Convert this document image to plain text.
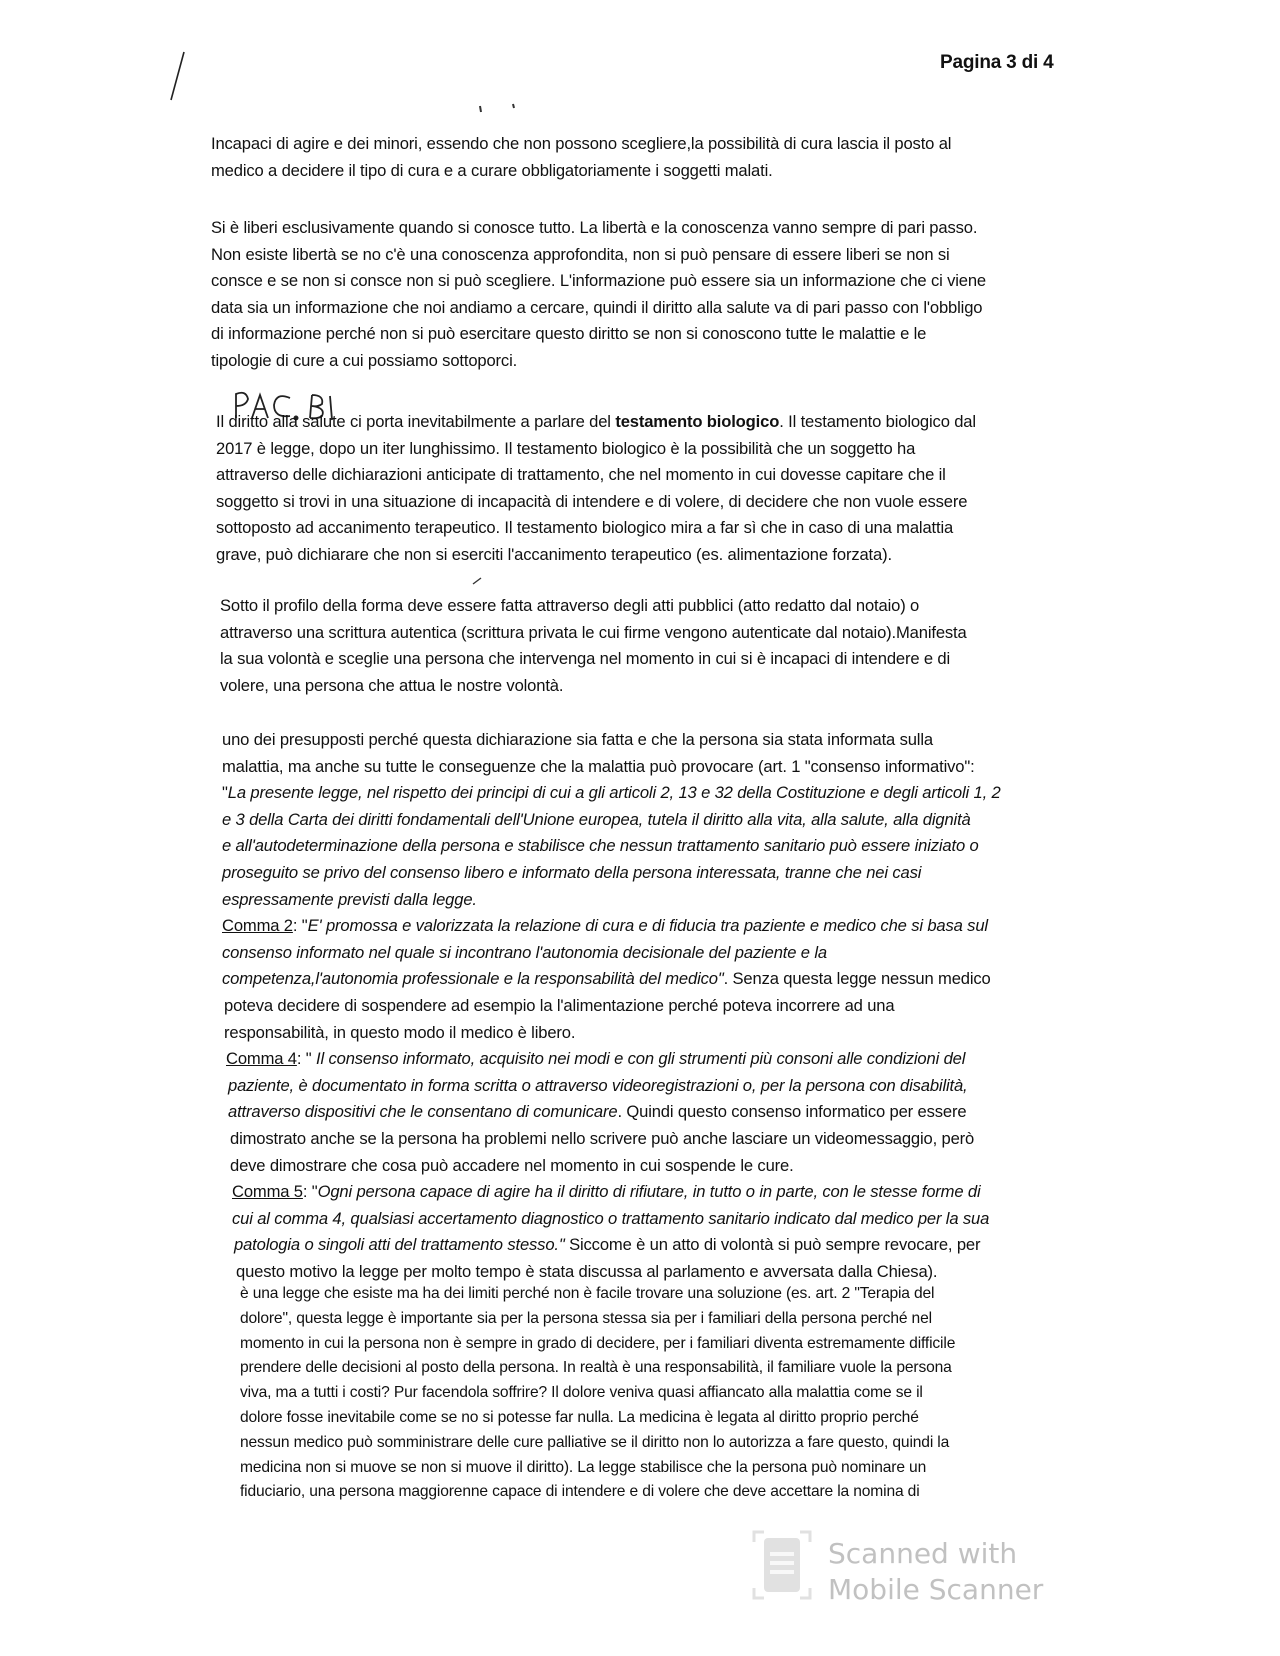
Pagina 3 di 4
Incapaci di agire e dei minori, essendo che non possono scegliere,la possibilità di cura lascia il posto al
medico a decidere il tipo di cura e a curare obbligatoriamente i soggetti malati.
Si è liberi esclusivamente quando si conosce tutto. La libertà e la conoscenza vanno sempre di pari passo.
Non esiste libertà se no c'è una conoscenza approfondita, non si può pensare di essere liberi se non si
consce e se non si consce non si può scegliere. L'informazione può essere sia un informazione che ci viene
data sia un informazione che noi andiamo a cercare, quindi il diritto alla salute va di pari passo con l'obbligo
di informazione perché non si può esercitare questo diritto se non si conoscono tutte le malattie e le
tipologie di cure a cui possiamo sottoporci.
Il diritto alla salute ci porta inevitabilmente a parlare del testamento biologico. Il testamento biologico dal
2017 è legge, dopo un iter lunghissimo. Il testamento biologico è la possibilità che un soggetto ha
attraverso delle dichiarazioni anticipate di trattamento, che nel momento in cui dovesse capitare che il
soggetto si trovi in una situazione di incapacità di intendere e di volere, di decidere che non vuole essere
sottoposto ad accanimento terapeutico. Il testamento biologico mira a far sì che in caso di una malattia
grave, può dichiarare che non si eserciti l'accanimento terapeutico (es. alimentazione forzata).
Sotto il profilo della forma deve essere fatta attraverso degli atti pubblici (atto redatto dal notaio) o
attraverso una scrittura autentica (scrittura privata le cui firme vengono autenticate dal notaio).Manifesta
la sua volontà e sceglie una persona che intervenga nel momento in cui si è incapaci di intendere e di
volere, una persona che attua le nostre volontà.
uno dei presupposti perché questa dichiarazione sia fatta e che la persona sia stata informata sulla
malattia, ma anche su tutte le conseguenze che la malattia può provocare (art. 1 "consenso informativo":
"La presente legge, nel rispetto dei principi di cui a gli articoli 2, 13 e 32 della Costituzione e degli articoli 1, 2
e 3 della Carta dei diritti fondamentali dell'Unione europea, tutela il diritto alla vita, alla salute, alla dignità
e all'autodeterminazione della persona e stabilisce che nessun trattamento sanitario può essere iniziato o
proseguito se privo del consenso libero e informato della persona interessata, tranne che nei casi
espressamente previsti dalla legge.
Comma 2: "E' promossa e valorizzata la relazione di cura e di fiducia tra paziente e medico che si basa sul
consenso informato nel quale si incontrano l'autonomia decisionale del paziente e la
competenza,l'autonomia professionale e la responsabilità del medico". Senza questa legge nessun medico
poteva decidere di sospendere ad esempio la l'alimentazione perché poteva incorrere ad una
responsabilità, in questo modo il medico è libero.
Comma 4: " Il consenso informato, acquisito nei modi e con gli strumenti più consoni alle condizioni del
paziente, è documentato in forma scritta o attraverso videoregistrazioni o, per la persona con disabilità,
attraverso dispositivi che le consentano di comunicare. Quindi questo consenso informatico per essere
dimostrato anche se la persona ha problemi nello scrivere può anche lasciare un videomessaggio, però
deve dimostrare che cosa può accadere nel momento in cui sospende le cure.
Comma 5: "Ogni persona capace di agire ha il diritto di rifiutare, in tutto o in parte, con le stesse forme di
cui al comma 4, qualsiasi accertamento diagnostico o trattamento sanitario indicato dal medico per la sua
patologia o singoli atti del trattamento stesso." Siccome è un atto di volontà si può sempre revocare, per
questo motivo la legge per molto tempo è stata discussa al parlamento e avversata dalla Chiesa).
è una legge che esiste ma ha dei limiti perché non è facile trovare una soluzione (es. art. 2 "Terapia del
dolore", questa legge è importante sia per la persona stessa sia per i familiari della persona perché nel
momento in cui la persona non è sempre in grado di decidere, per i familiari diventa estremamente difficile
prendere delle decisioni al posto della persona. In realtà è una responsabilità, il familiare vuole la persona
viva, ma a tutti i costi? Pur facendola soffrire? Il dolore veniva quasi affiancato alla malattia come se il
dolore fosse inevitabile come se no si potesse far nulla. La medicina è legata al diritto proprio perché
nessun medico può somministrare delle cure palliative se il diritto non lo autorizza a fare questo, quindi la
medicina non si muove se non si muove il diritto). La legge stabilisce che la persona può nominare un
fiduciario, una persona maggiorenne capace di intendere e di volere che deve accettare la nomina di
Scanned with
Mobile Scanner
